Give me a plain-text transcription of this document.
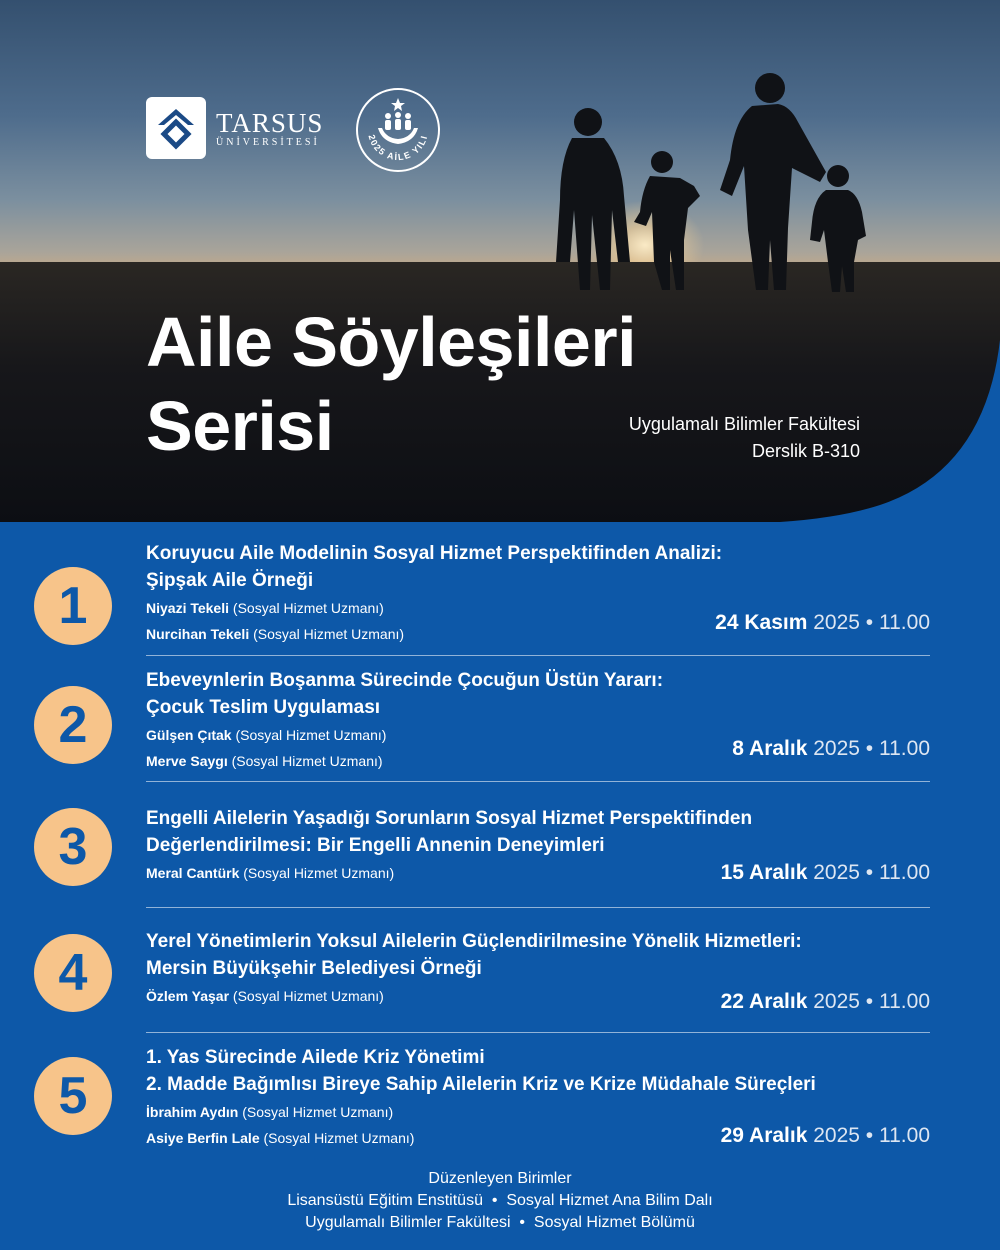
TARSUS
ÜNİVERSİTESİ	2025 AİLE YILI
Aile Söyleşileri
Serisi	Uygulamalı Bilimler Fakültesi
Derslik B-310
1
Koruyucu Aile Modelinin Sosyal Hizmet Perspektifinden Analizi:
Şipşak Aile Örneği
Niyazi Tekeli (Sosyal Hizmet Uzmanı)
Nurcihan Tekeli (Sosyal Hizmet Uzmanı)	24 Kasım 2025 • 11.00
2
Ebeveynlerin Boşanma Sürecinde Çocuğun Üstün Yararı:
Çocuk Teslim Uygulaması
Gülşen Çıtak (Sosyal Hizmet Uzmanı)
Merve Saygı (Sosyal Hizmet Uzmanı)
8 Aralık 2025 • 11.00
3	Engelli Ailelerin Yaşadığı Sorunların Sosyal Hizmet Perspektifinden
Değerlendirilmesi: Bir Engelli Annenin Deneyimleri
Meral Cantürk (Sosyal Hizmet Uzmanı)	15 Aralık 2025 • 11.00
4
Yerel Yönetimlerin Yoksul Ailelerin Güçlendirilmesine Yönelik Hizmetleri:
Mersin Büyükşehir Belediyesi Örneği
Özlem Yaşar (Sosyal Hizmet Uzmanı)	22 Aralık 2025 • 11.00
5
1. Yas Sürecinde Ailede Kriz Yönetimi
2. Madde Bağımlısı Bireye Sahip Ailelerin Kriz ve Krize Müdahale Süreçleri
İbrahim Aydın (Sosyal Hizmet Uzmanı)
Asiye Berfin Lale (Sosyal Hizmet Uzmanı)	29 Aralık 2025 • 11.00
Düzenleyen Birimler
Lisansüstü Eğitim Enstitüsü  •  Sosyal Hizmet Ana Bilim Dalı
Uygulamalı Bilimler Fakültesi  •  Sosyal Hizmet Bölümü
